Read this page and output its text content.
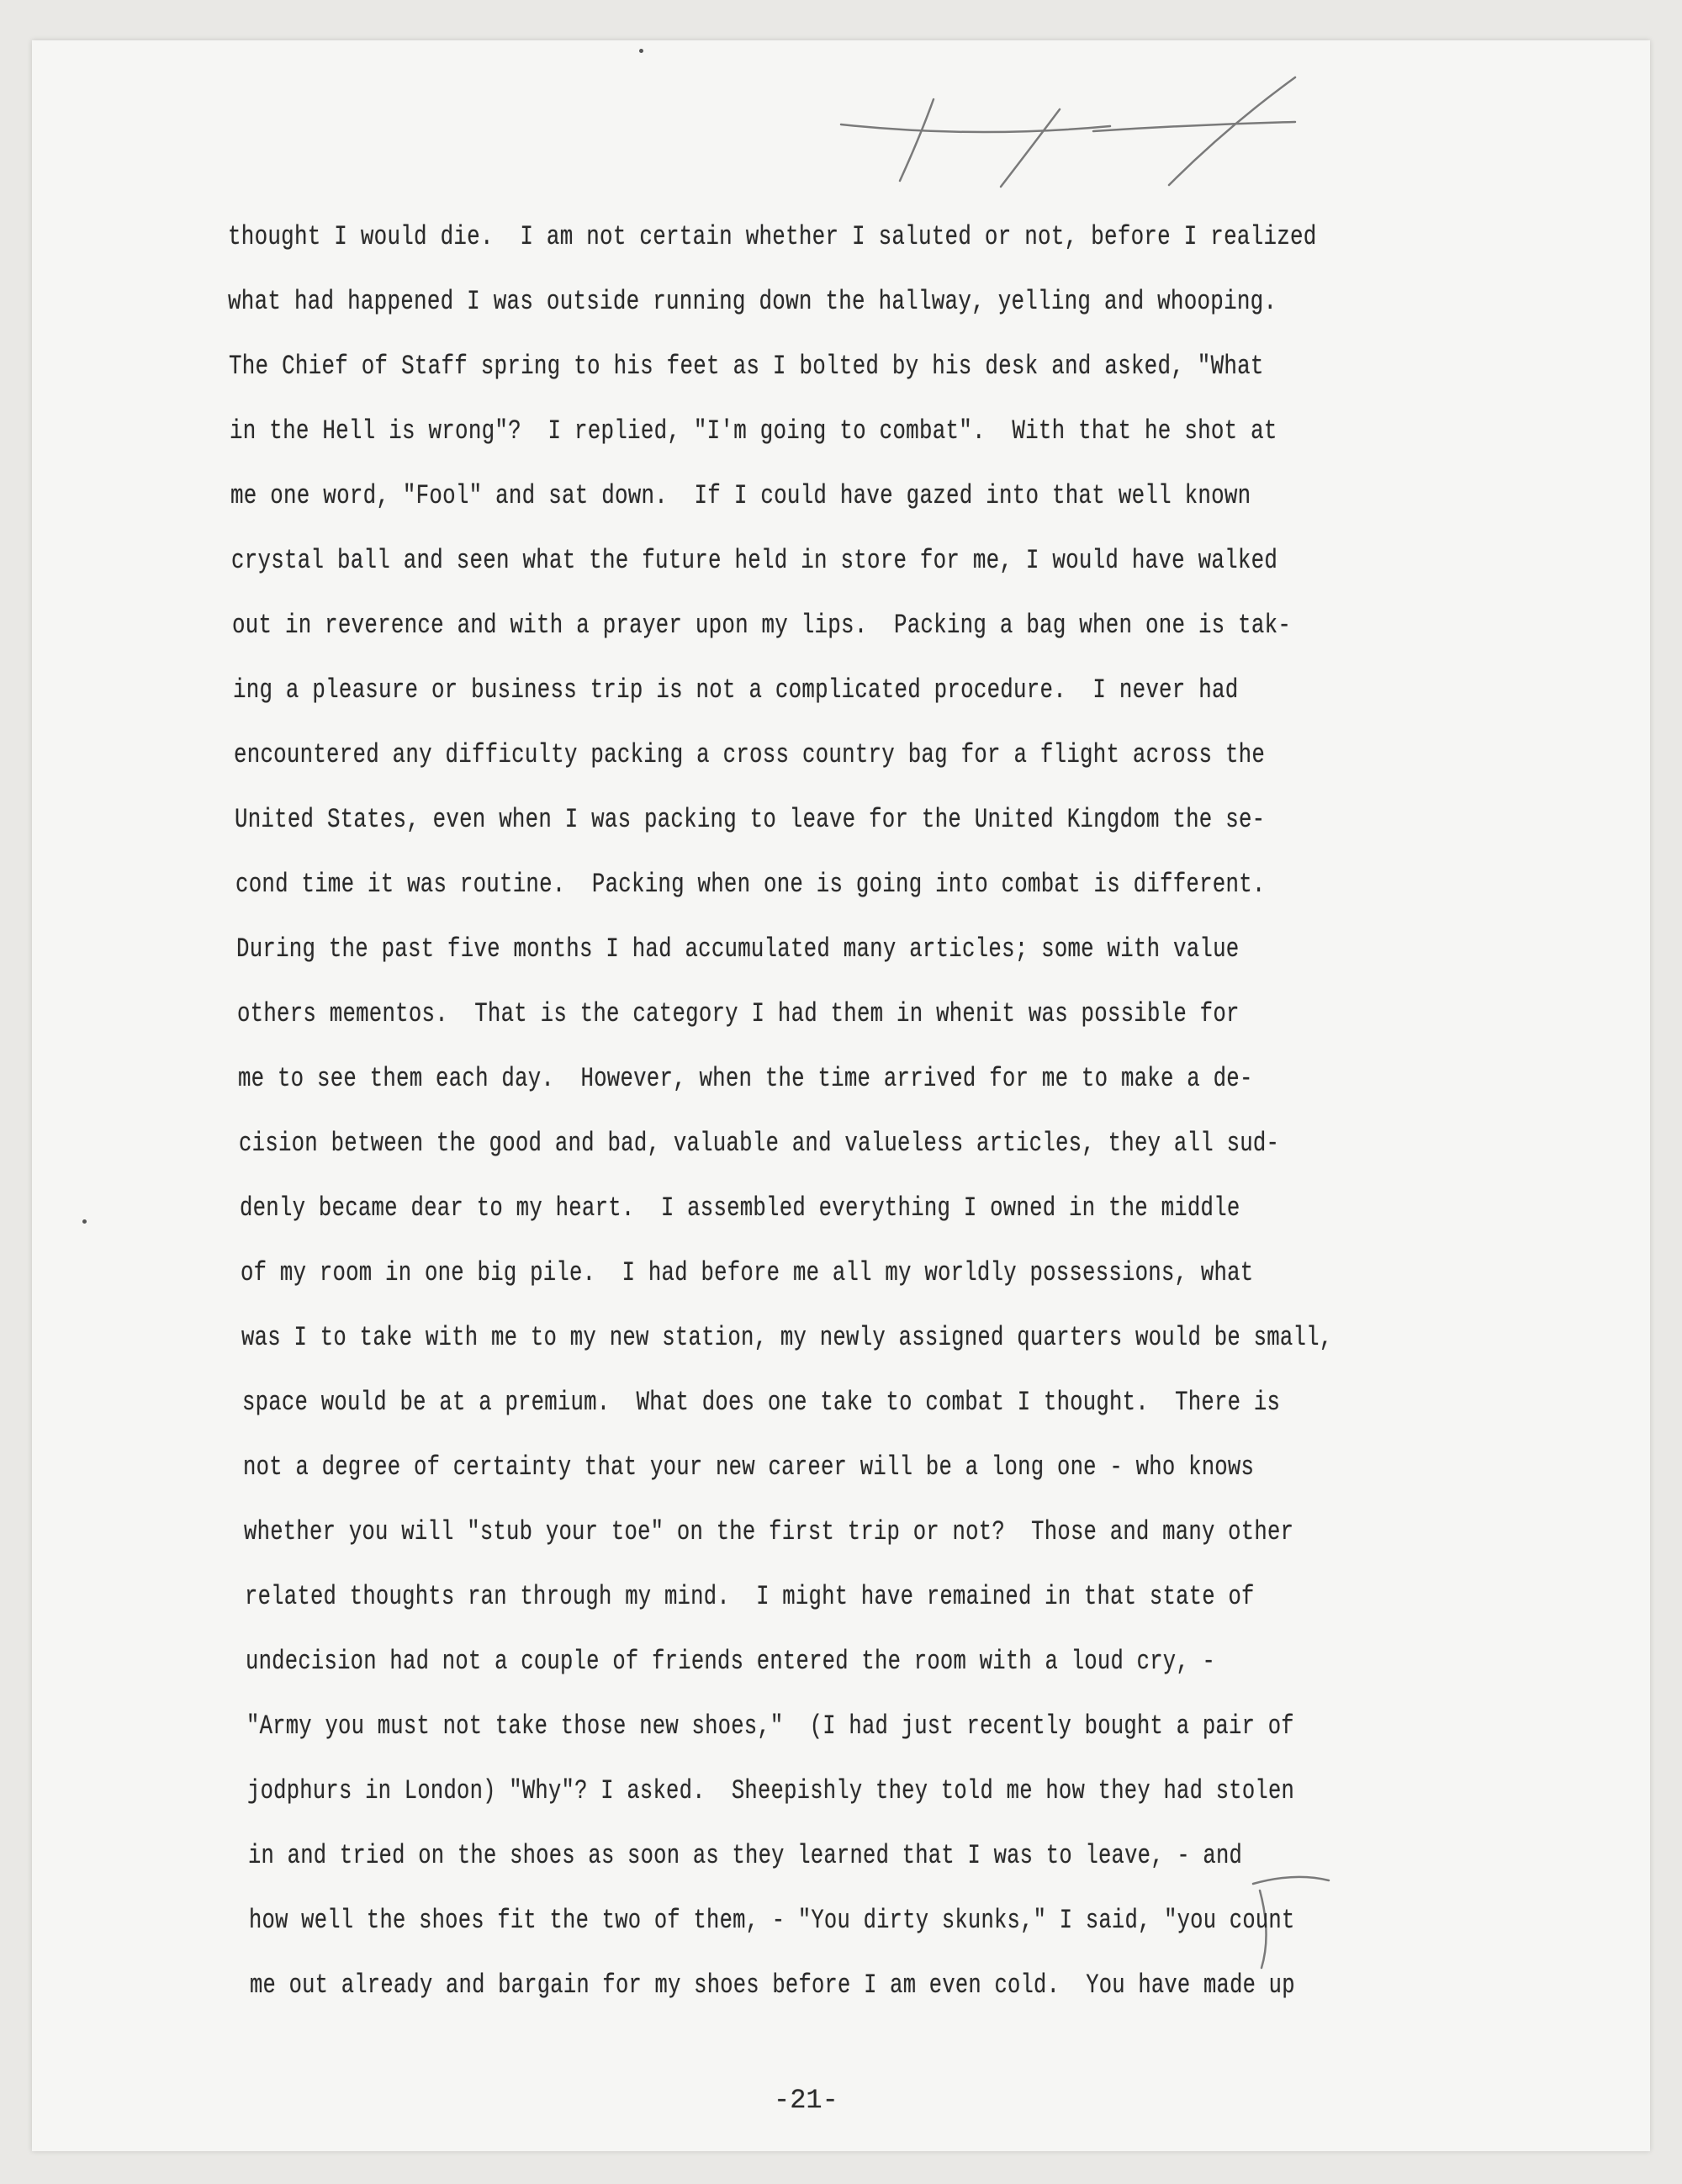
thought I would die.  I am not certain whether I saluted or not, before I realized
what had happened I was outside running down the hallway, yelling and whooping.
The Chief of Staff spring to his feet as I bolted by his desk and asked, "What
in the Hell is wrong"?  I replied, "I'm going to combat".  With that he shot at
me one word, "Fool" and sat down.  If I could have gazed into that well known
crystal ball and seen what the future held in store for me, I would have walked
out in reverence and with a prayer upon my lips.  Packing a bag when one is tak-
ing a pleasure or business trip is not a complicated procedure.  I never had
encountered any difficulty packing a cross country bag for a flight across the
United States, even when I was packing to leave for the United Kingdom the se-
cond time it was routine.  Packing when one is going into combat is different.
During the past five months I had accumulated many articles; some with value
others mementos.  That is the category I had them in whenit was possible for
me to see them each day.  However, when the time arrived for me to make a de-
cision between the good and bad, valuable and valueless articles, they all sud-
denly became dear to my heart.  I assembled everything I owned in the middle
of my room in one big pile.  I had before me all my worldly possessions, what
was I to take with me to my new station, my newly assigned quarters would be small,
space would be at a premium.  What does one take to combat I thought.  There is
not a degree of certainty that your new career will be a long one - who knows
whether you will "stub your toe" on the first trip or not?  Those and many other
related thoughts ran through my mind.  I might have remained in that state of
undecision had not a couple of friends entered the room with a loud cry, -
"Army you must not take those new shoes,"  (I had just recently bought a pair of
jodphurs in London) "Why"? I asked.  Sheepishly they told me how they had stolen
in and tried on the shoes as soon as they learned that I was to leave, - and
how well the shoes fit the two of them, - "You dirty skunks," I said, "you count
me out already and bargain for my shoes before I am even cold.  You have made up
-21-
